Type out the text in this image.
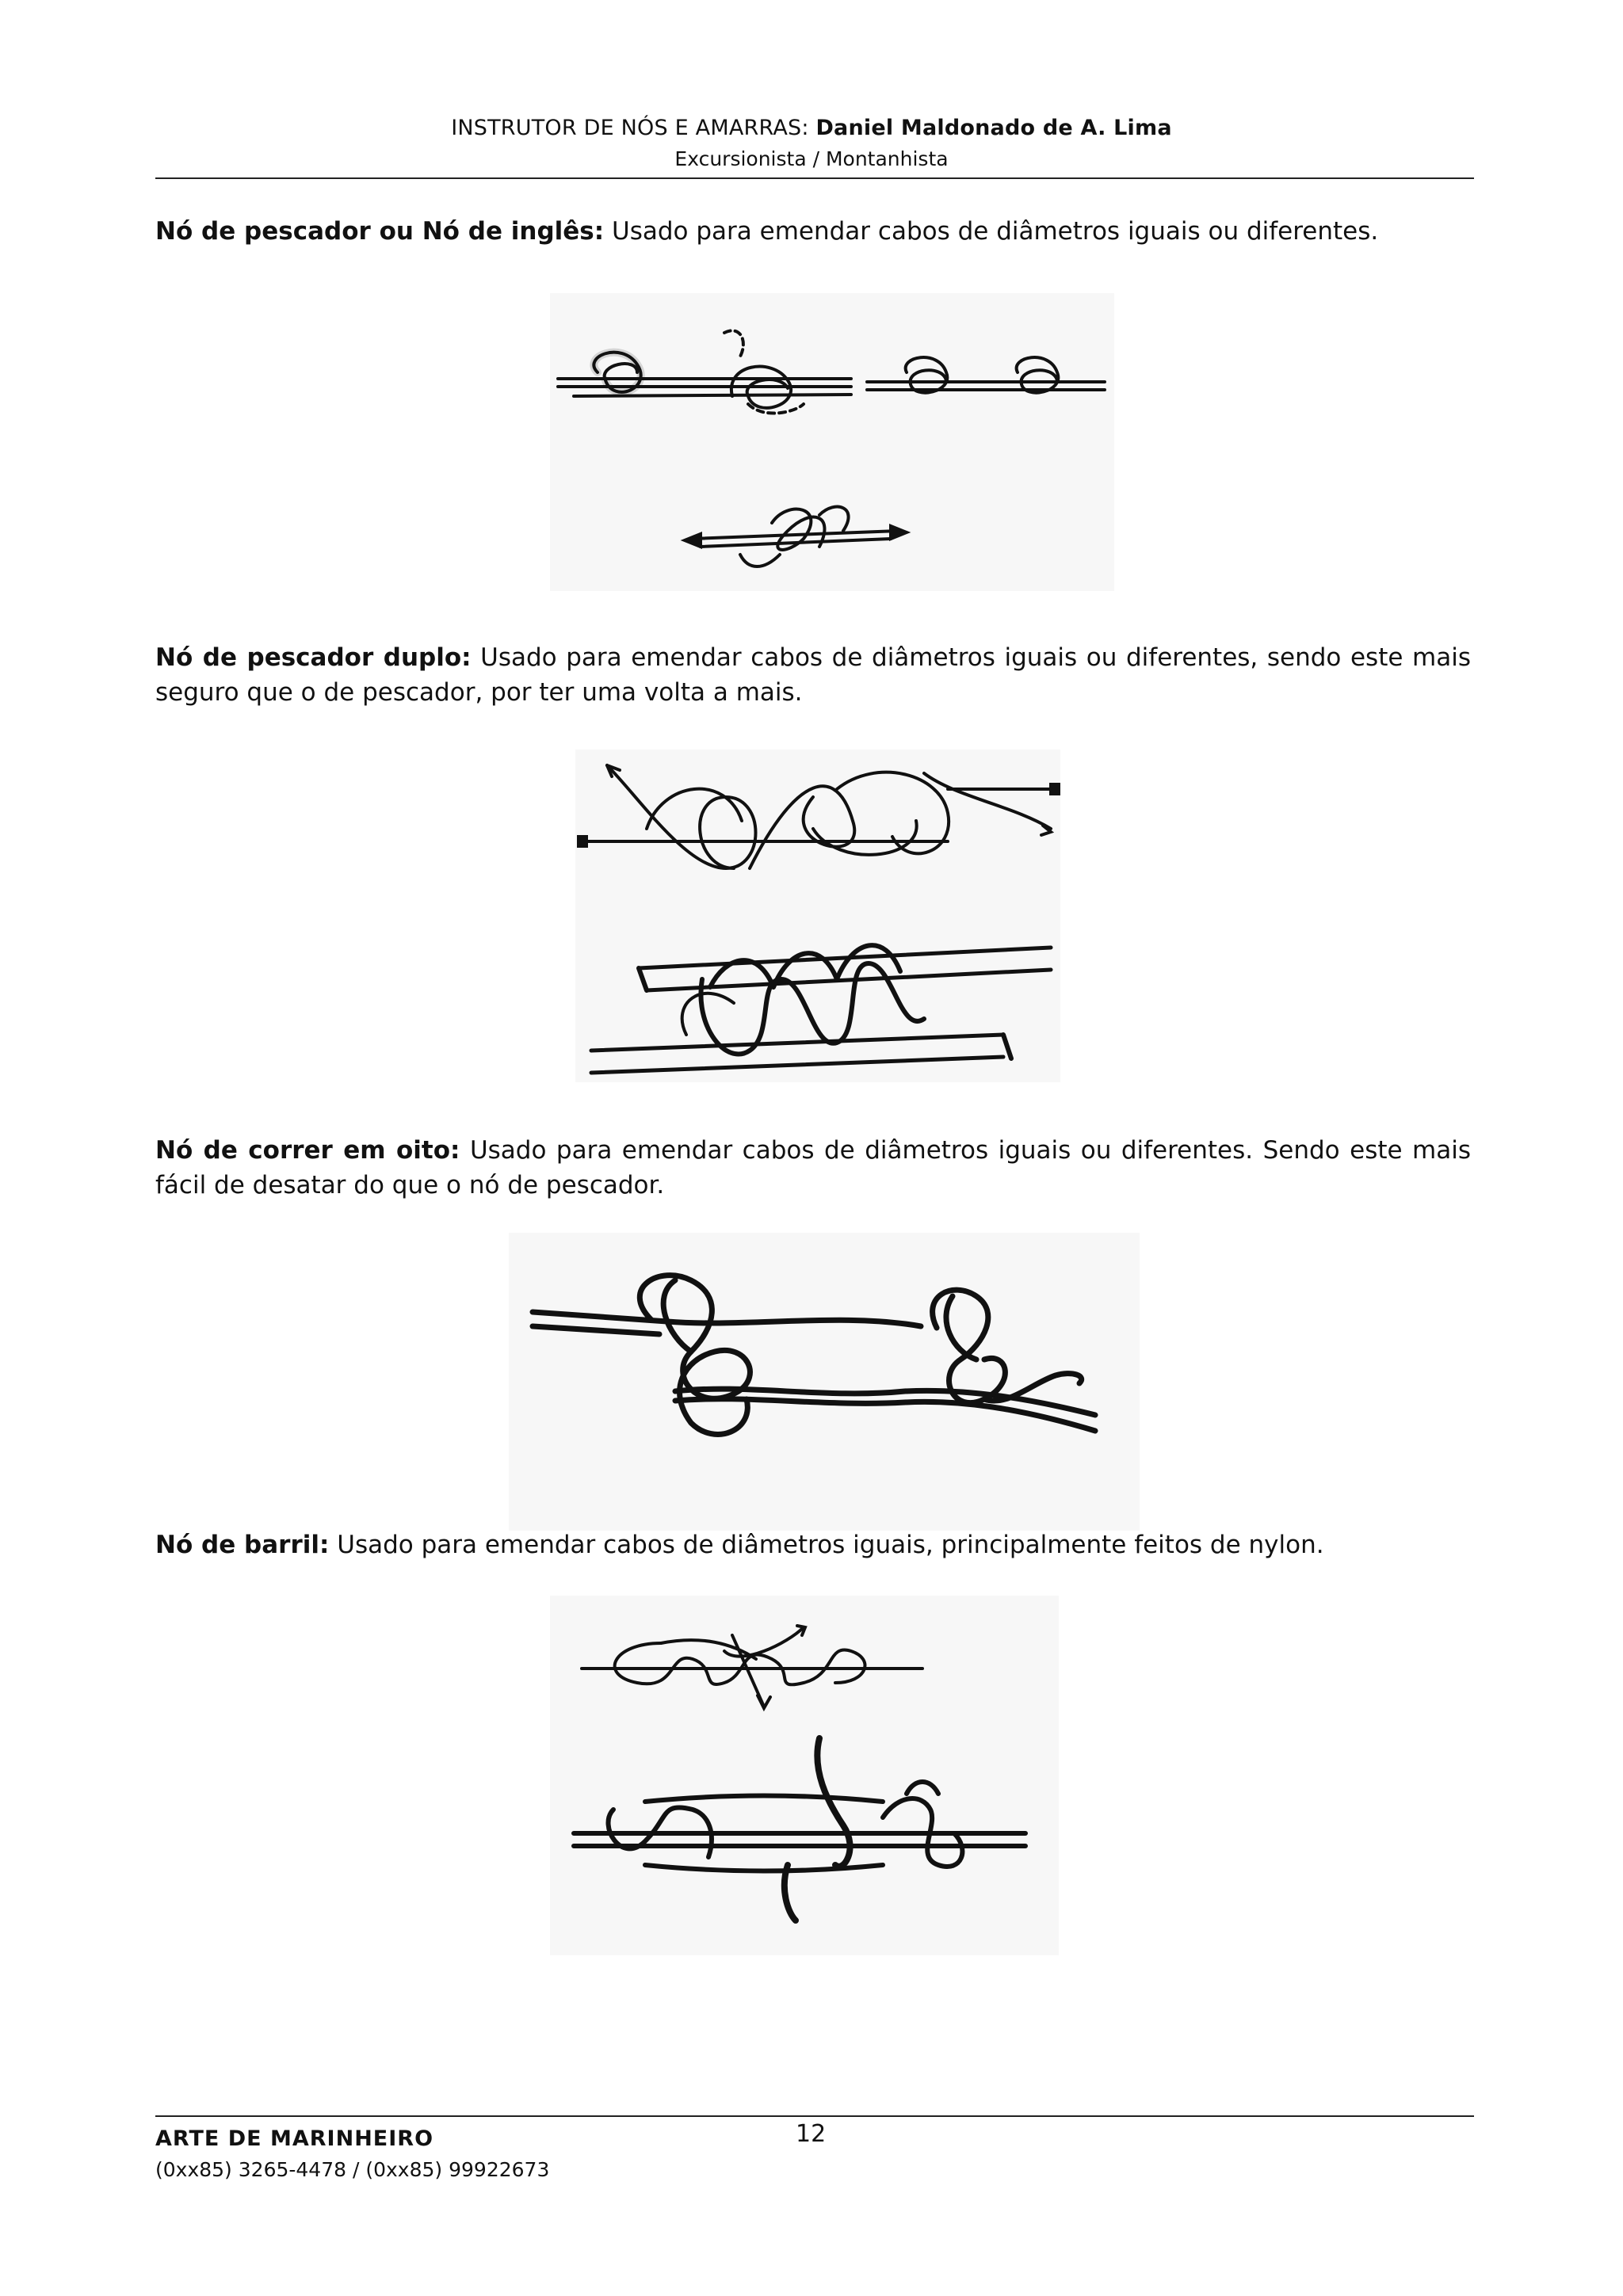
INSTRUTOR DE NÓS E AMARRAS: Daniel Maldonado de A. Lima
Excursionista / Montanhista
Nó de pescador ou Nó de inglês: Usado para emendar cabos de diâmetros iguais ou diferentes.
Nó de pescador duplo: Usado para emendar cabos de diâmetros iguais ou diferentes, sendo este mais seguro que o de pescador, por ter uma volta a mais.
Nó de correr em oito: Usado para emendar cabos de diâmetros iguais ou diferentes. Sendo este mais fácil de desatar do que o nó de pescador.
Nó de barril: Usado para emendar cabos de diâmetros iguais, principalmente feitos de nylon.
ARTE DE MARINHEIRO
(0xx85) 3265-4478 / (0xx85) 99922673
12
